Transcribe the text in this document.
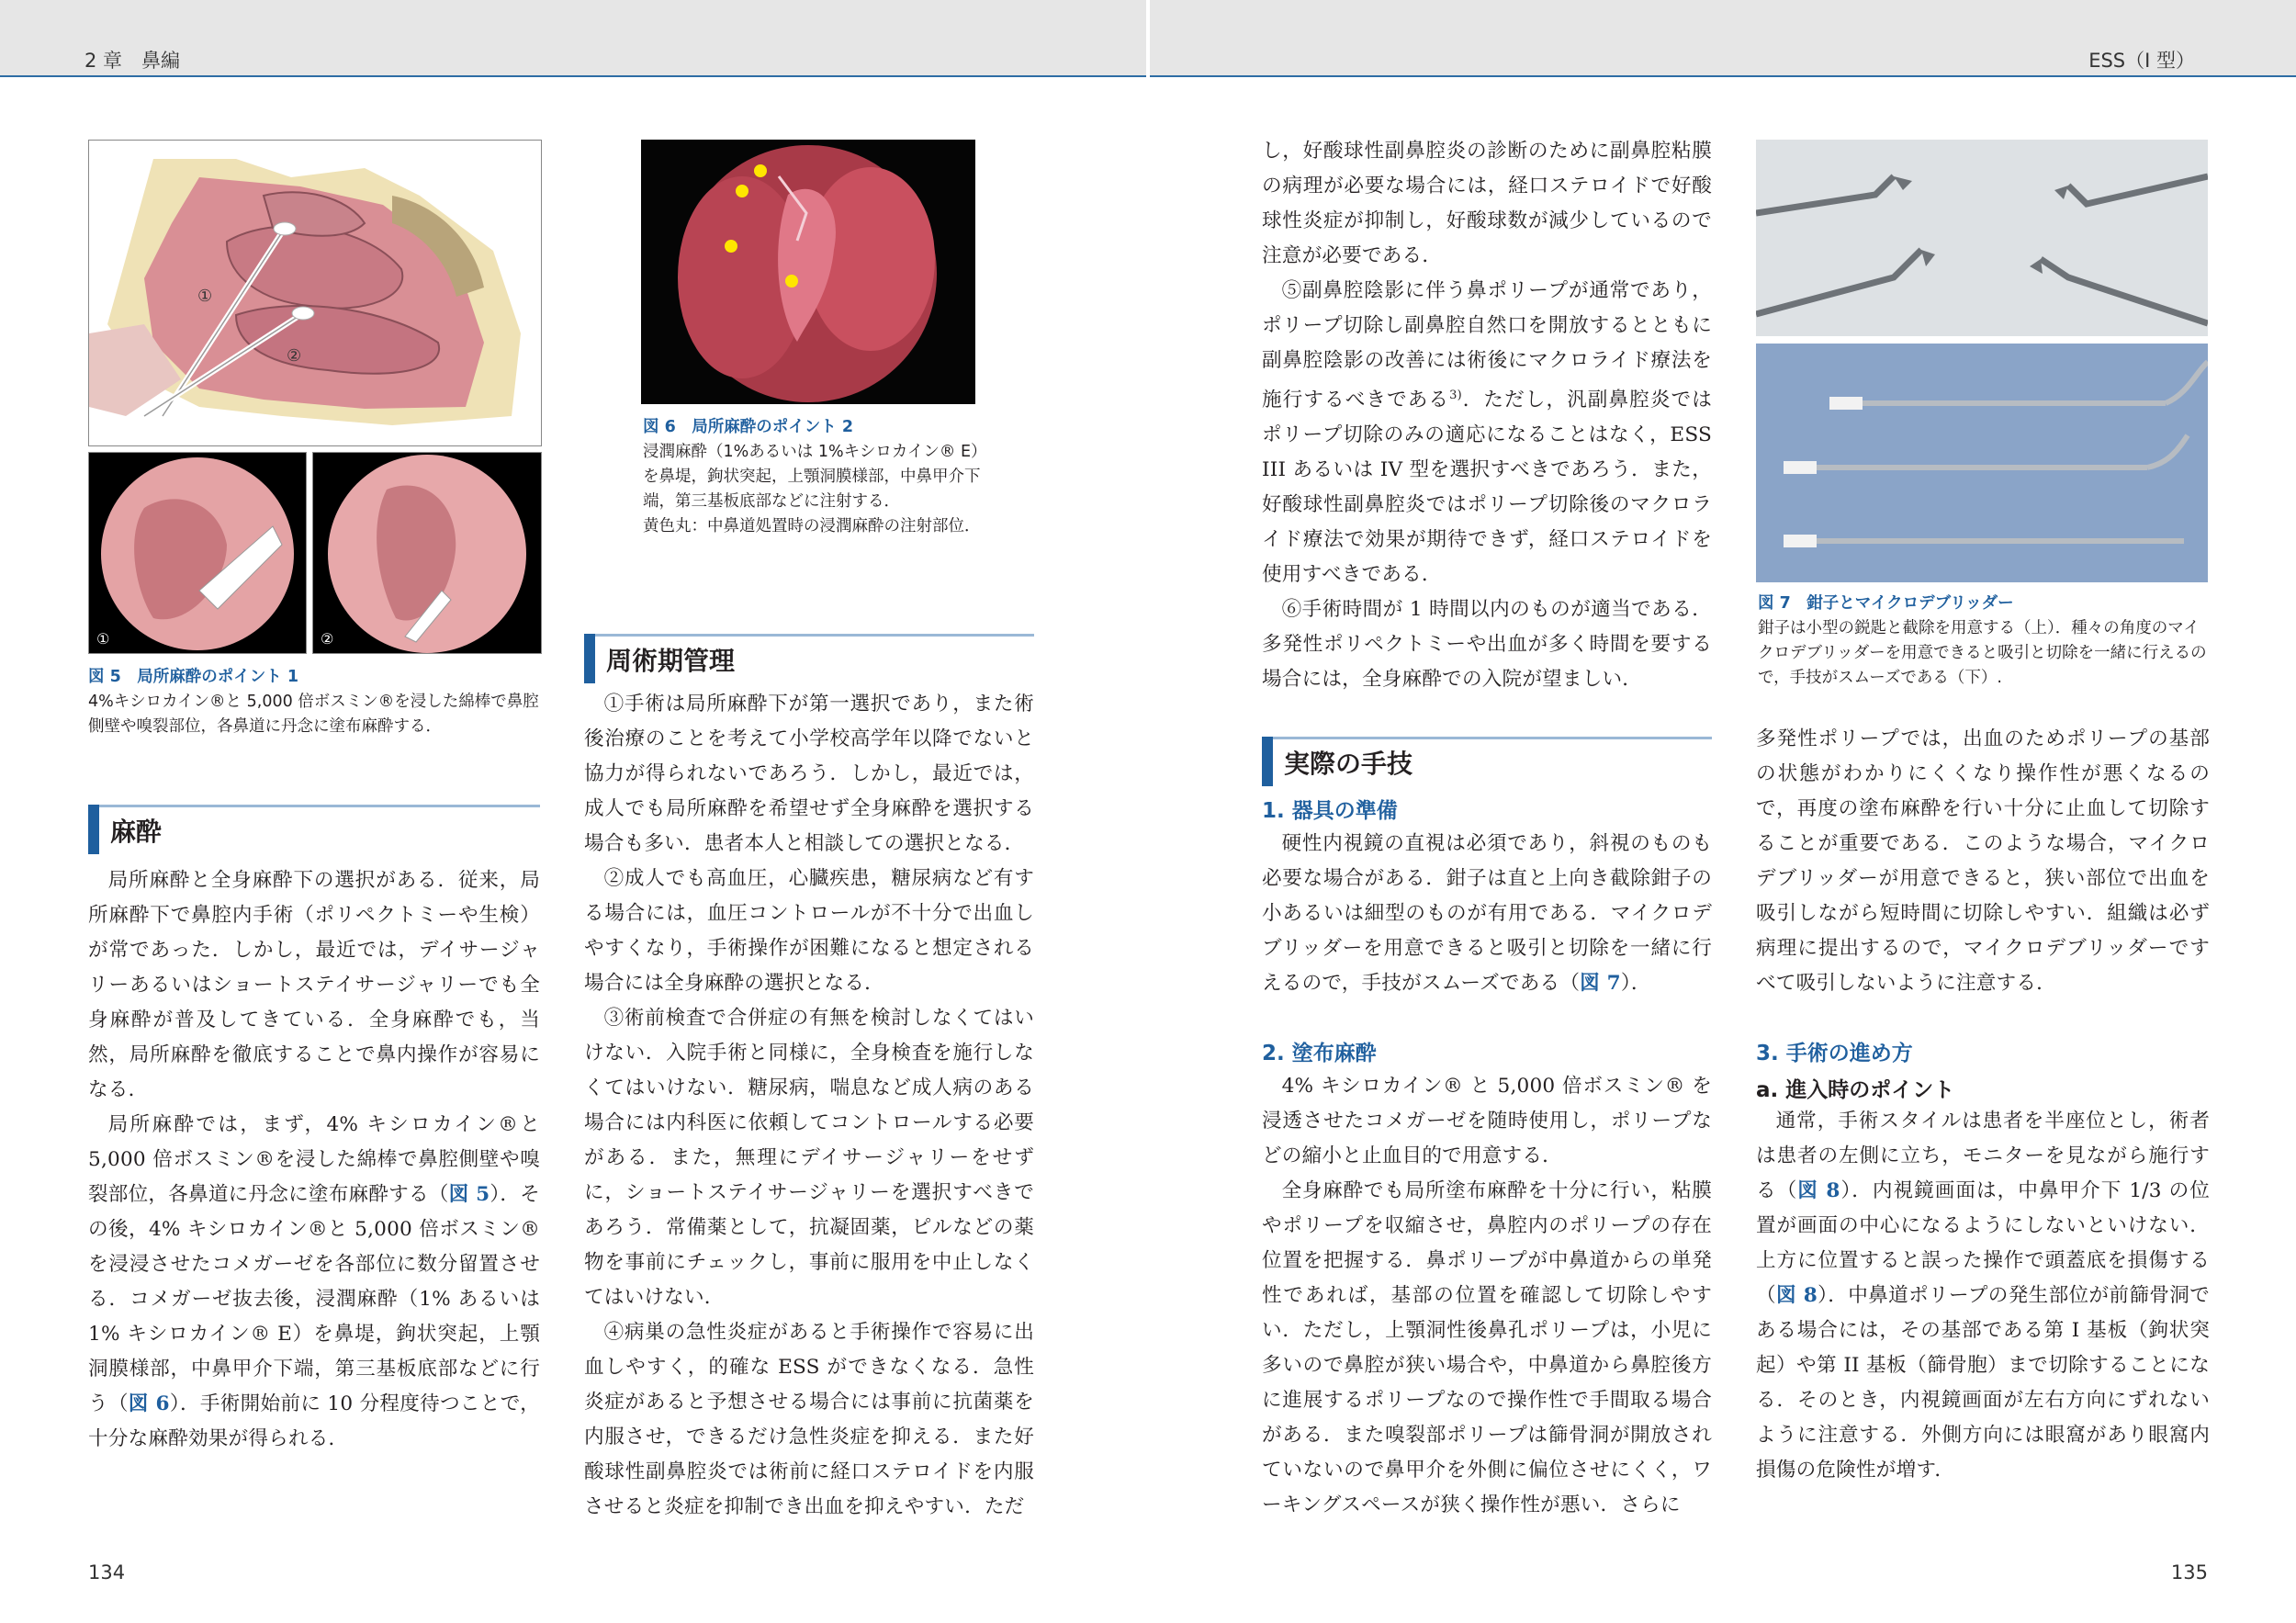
2 章　鼻編	ESS（I 型）
①
②
①	②
図 5　局所麻酔のポイント 1
4%キシロカイン®と 5,000 倍ボスミン®を浸した綿棒で鼻腔側壁や嗅裂部位，各鼻道に丹念に塗布麻酔する．
麻酔

局所麻酔と全身麻酔下の選択がある．従来，局所麻酔下で鼻腔内手術（ポリペクトミーや生検）が常であった．しかし，最近では，デイサージャリーあるいはショートステイサージャリーでも全身麻酔が普及してきている．全身麻酔でも，当然，局所麻酔を徹底することで鼻内操作が容易になる．

局所麻酔では，まず，4% キシロカイン®と 5,000 倍ボスミン®を浸した綿棒で鼻腔側壁や嗅裂部位，各鼻道に丹念に塗布麻酔する（図 5）．その後，4% キシロカイン®と 5,000 倍ボスミン®を浸浸させたコメガーゼを各部位に数分留置させる．コメガーゼ抜去後，浸潤麻酔（1% あるいは 1% キシロカイン® E）を鼻堤，鉤状突起，上顎洞膜様部，中鼻甲介下端，第三基板底部などに行う（図 6）．手術開始前に 10 分程度待つことで，十分な麻酔効果が得られる．

図 6　局所麻酔のポイント 2
浸潤麻酔（1%あるいは 1%キシロカイン® E）を鼻堤，鉤状突起，上顎洞膜様部，中鼻甲介下端，第三基板底部などに注射する．
黄色丸：中鼻道処置時の浸潤麻酔の注射部位．
周術期管理

①手術は局所麻酔下が第一選択であり，また術後治療のことを考えて小学校高学年以降でないと協力が得られないであろう．しかし，最近では，成人でも局所麻酔を希望せず全身麻酔を選択する場合も多い．患者本人と相談しての選択となる．

②成人でも高血圧，心臓疾患，糖尿病など有する場合には，血圧コントロールが不十分で出血しやすくなり，手術操作が困難になると想定される場合には全身麻酔の選択となる．

③術前検査で合併症の有無を検討しなくてはいけない．入院手術と同様に，全身検査を施行しなくてはいけない．糖尿病，喘息など成人病のある場合には内科医に依頼してコントロールする必要がある．また，無理にデイサージャリーをせずに，ショートステイサージャリーを選択すべきであろう．常備薬として，抗凝固薬，ピルなどの薬物を事前にチェックし，事前に服用を中止しなくてはいけない．

④病巣の急性炎症があると手術操作で容易に出血しやすく，的確な ESS ができなくなる．急性炎症があると予想させる場合には事前に抗菌薬を内服させ，できるだけ急性炎症を抑える．また好酸球性副鼻腔炎では術前に経口ステロイドを内服させると炎症を抑制でき出血を抑えやすい．ただ

し，好酸球性副鼻腔炎の診断のために副鼻腔粘膜の病理が必要な場合には，経口ステロイドで好酸球性炎症が抑制し，好酸球数が減少しているので注意が必要である．

⑤副鼻腔陰影に伴う鼻ポリープが通常であり，ポリープ切除し副鼻腔自然口を開放するとともに副鼻腔陰影の改善には術後にマクロライド療法を施行するべきである$^{3)}$．ただし，汎副鼻腔炎ではポリープ切除のみの適応になることはなく，ESS III あるいは IV 型を選択すべきであろう．また，好酸球性副鼻腔炎ではポリープ切除後のマクロライド療法で効果が期待できず，経口ステロイドを使用すべきである．

⑥手術時間が 1 時間以内のものが適当である．多発性ポリペクトミーや出血が多く時間を要する場合には，全身麻酔での入院が望ましい．

実際の手技
1. 器具の準備

硬性内視鏡の直視は必須であり，斜視のものも必要な場合がある．鉗子は直と上向き截除鉗子の小あるいは細型のものが有用である．マイクロデブリッダーを用意できると吸引と切除を一緒に行えるので，手技がスムーズである（図 7）．

2. 塗布麻酔

4% キシロカイン® と 5,000 倍ボスミン® を浸透させたコメガーゼを随時使用し，ポリープなどの縮小と止血目的で用意する．

全身麻酔でも局所塗布麻酔を十分に行い，粘膜やポリープを収縮させ，鼻腔内のポリープの存在位置を把握する．鼻ポリープが中鼻道からの単発性であれば，基部の位置を確認して切除しやすい．ただし，上顎洞性後鼻孔ポリープは，小児に多いので鼻腔が狭い場合や，中鼻道から鼻腔後方に進展するポリープなので操作性で手間取る場合がある．また嗅裂部ポリープは篩骨洞が開放されていないので鼻甲介を外側に偏位させにくく，ワーキングスペースが狭く操作性が悪い．さらに

図 7　鉗子とマイクロデブリッダー
鉗子は小型の鋭匙と截除を用意する（上）．種々の角度のマイクロデブリッダーを用意できると吸引と切除を一緒に行えるので，手技がスムーズである（下）.

多発性ポリープでは，出血のためポリープの基部の状態がわかりにくくなり操作性が悪くなるので，再度の塗布麻酔を行い十分に止血して切除することが重要である．このような場合，マイクロデブリッダーが用意できると，狭い部位で出血を吸引しながら短時間に切除しやすい．組織は必ず病理に提出するので，マイクロデブリッダーですべて吸引しないように注意する．

3. 手術の進め方
a. 進入時のポイント

通常，手術スタイルは患者を半座位とし，術者は患者の左側に立ち，モニターを見ながら施行する（図 8）．内視鏡画面は，中鼻甲介下 1/3 の位置が画面の中心になるようにしないといけない．上方に位置すると誤った操作で頭蓋底を損傷する（図 8）．中鼻道ポリープの発生部位が前篩骨洞である場合には，その基部である第 I 基板（鉤状突起）や第 II 基板（篩骨胞）まで切除することになる．そのとき，内視鏡画面が左右方向にずれないように注意する．外側方向には眼窩があり眼窩内損傷の危険性が増す．

134	135
